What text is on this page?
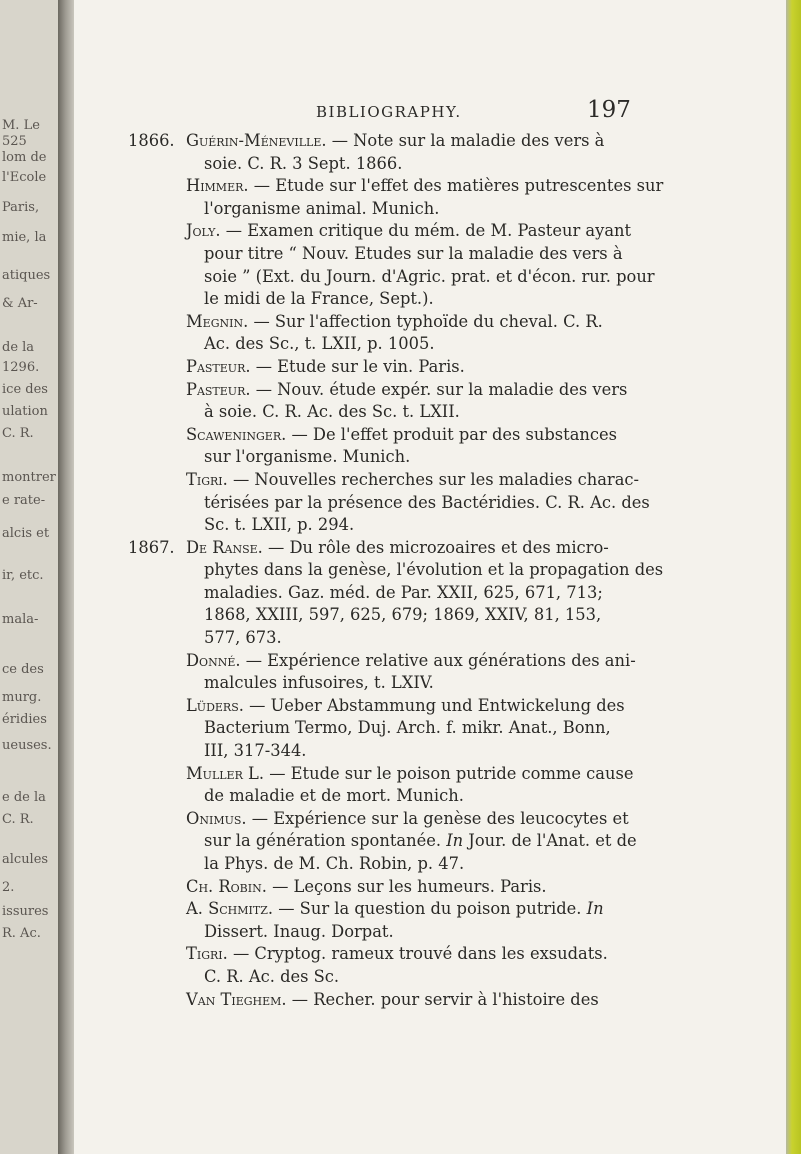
M. Le
525
lom de
l'Ecole
Paris,
mie, la
atiques
& Ar-
de la
1296.
ice des
ulation
C. R.
montrer
e rate-
alcis et
ir, etc.
mala-
ce des
murg.
éridies
ueuses.
e de la
C. R.
alcules
2.
issures
R. Ac.
BIBLIOGRAPHY.	197
1866. Guérin-Méneville. — Note sur la maladie des vers à
soie. C. R. 3 Sept. 1866.
Himmer. — Etude sur l'effet des matières putrescentes sur
l'organisme animal. Munich.
Joly. — Examen critique du mém. de M. Pasteur ayant
pour titre “ Nouv. Etudes sur la maladie des vers à
soie ” (Ext. du Journ. d'Agric. prat. et d'écon. rur. pour
le midi de la France, Sept.).
Megnin. — Sur l'affection typhoïde du cheval. C. R.
Ac. des Sc., t. LXII, p. 1005.
Pasteur. — Etude sur le vin. Paris.
Pasteur. — Nouv. étude expér. sur la maladie des vers
à soie. C. R. Ac. des Sc. t. LXII.
Scaweninger. — De l'effet produit par des substances
sur l'organisme. Munich.
Tigri. — Nouvelles recherches sur les maladies charac-
térisées par la présence des Bactéridies. C. R. Ac. des
Sc. t. LXII, p. 294.
1867. De Ranse. — Du rôle des microzoaires et des micro-
phytes dans la genèse, l'évolution et la propagation des
maladies. Gaz. méd. de Par. XXII, 625, 671, 713;
1868, XXIII, 597, 625, 679; 1869, XXIV, 81, 153,
577, 673.
Donné. — Expérience relative aux générations des ani-
malcules infusoires, t. LXIV.
Lüders. — Ueber Abstammung und Entwickelung des
Bacterium Termo, Duj. Arch. f. mikr. Anat., Bonn,
III, 317-344.
Muller L. — Etude sur le poison putride comme cause
de maladie et de mort. Munich.
Onimus. — Expérience sur la genèse des leucocytes et
sur la génération spontanée. In Jour. de l'Anat. et de
la Phys. de M. Ch. Robin, p. 47.
Ch. Robin. — Leçons sur les humeurs. Paris.
A. Schmitz. — Sur la question du poison putride. In
Dissert. Inaug. Dorpat.
Tigri. — Cryptog. rameux trouvé dans les exsudats.
C. R. Ac. des Sc.
Van Tieghem. — Recher. pour servir à l'histoire des
